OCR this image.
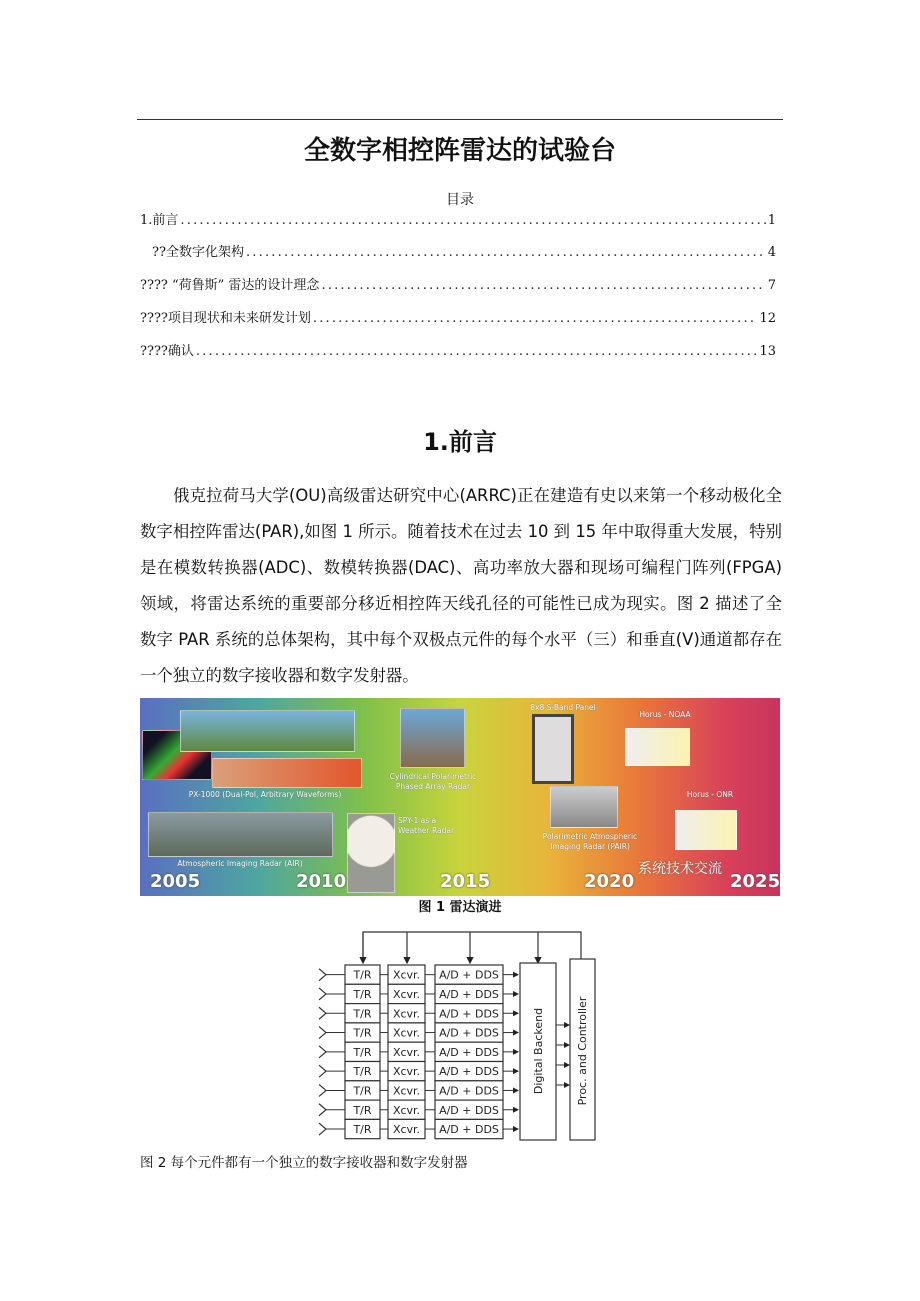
全数字相控阵雷达的试验台
目录
1.前言 .....	1
??全数字化架构 .....	4
???? “荷鲁斯” 雷达的设计理念 .....	7
????项目现状和未来研发计划 .....	12
????确认 .....	13
1.前言

俄克拉荷马大学(OU)高级雷达研究中心(ARRC)正在建造有史以来第一个移动极化全数字相控阵雷达(PAR),如图 1 所示。随着技术在过去 10 到 15 年中取得重大发展，特别是在模数转换器(ADC)、数模转换器(DAC)、高功率放大器和现场可编程门阵列(FPGA)领域，将雷达系统的重要部分移近相控阵天线孔径的可能性已成为现实。图 2 描述了全数字 PAR 系统的总体架构，其中每个双极点元件的每个水平（三）和垂直(V)通道都存在一个独立的数字接收器和数字发射器。

PX-1000 (Dual-Pol, Arbitrary Waveforms)
Atmospheric Imaging Radar (AIR)
Cylindrical Polarimetric Phased Array Radar
SPY-1 as a Weather Radar
8x8 S-Band Panel
Polarimetric Atmospheric Imaging Radar (PAIR)
Horus - NOAA
Horus - ONR
系统技术交流
2005	2010	2015	2020	2025
图 1 雷达演进
T/R Xcvr. A/D + DDS
T/R Xcvr. A/D + DDS
T/R Xcvr. A/D + DDS
T/R Xcvr. A/D + DDS
T/R Xcvr. A/D + DDS
T/R Xcvr. A/D + DDS
T/R Xcvr. A/D + DDS
T/R Xcvr. A/D + DDS
T/R Xcvr. A/D + DDS
Digital Backend	Proc. and Controller
图 2 每个元件都有一个独立的数字接收器和数字发射器
